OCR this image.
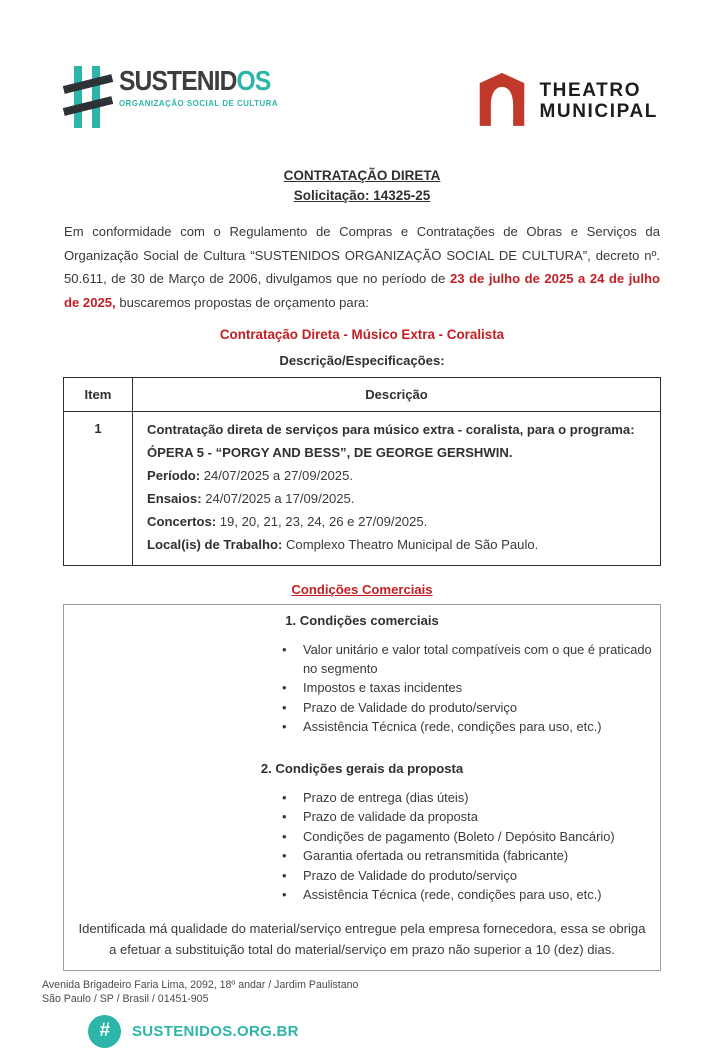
SUSTENIDOS
ORGANIZAÇÃO SOCIAL DE CULTURA
THEATRO
MUNICIPAL
CONTRATAÇÃO DIRETA
Solicitação: 14325-25

Em conformidade com o Regulamento de Compras e Contratações de Obras e Serviços da Organização Social de Cultura “SUSTENIDOS ORGANIZAÇÃO SOCIAL DE CULTURA”, decreto nº. 50.611, de 30 de Março de 2006, divulgamos que no período de 23 de julho de 2025 a 24 de julho de 2025, buscaremos propostas de orçamento para:

Contratação Direta - Músico Extra - Coralista
Descrição/Especificações:
Item	Descrição
1	Contratação direta de serviços para músico extra - coralista, para o programa: ÓPERA 5 - “PORGY AND BESS”, DE GEORGE GERSHWIN.
Período: 24/07/2025 a 27/09/2025.
Ensaios: 24/07/2025 a 17/09/2025.
Concertos: 19, 20, 21, 23, 24, 26 e 27/09/2025.
Local(is) de Trabalho: Complexo Theatro Municipal de São Paulo.
Condições Comerciais
1. Condições comerciais
• Valor unitário e valor total compatíveis com o que é praticado no segmento
• Impostos e taxas incidentes
• Prazo de Validade do produto/serviço
• Assistência Técnica (rede, condições para uso, etc.)
2. Condições gerais da proposta
• Prazo de entrega (dias úteis)
• Prazo de validade da proposta
• Condições de pagamento (Boleto / Depósito Bancário)
• Garantia ofertada ou retransmitida (fabricante)
• Prazo de Validade do produto/serviço
• Assistência Técnica (rede, condições para uso, etc.)
Identificada má qualidade do material/serviço entregue pela empresa fornecedora, essa se obriga a efetuar a substituição total do material/serviço em prazo não superior a 10 (dez) dias.
Avenida Brigadeiro Faria Lima, 2092, 18º andar / Jardim Paulistano
São Paulo / SP / Brasil / 01451-905
#	SUSTENIDOS.ORG.BR
